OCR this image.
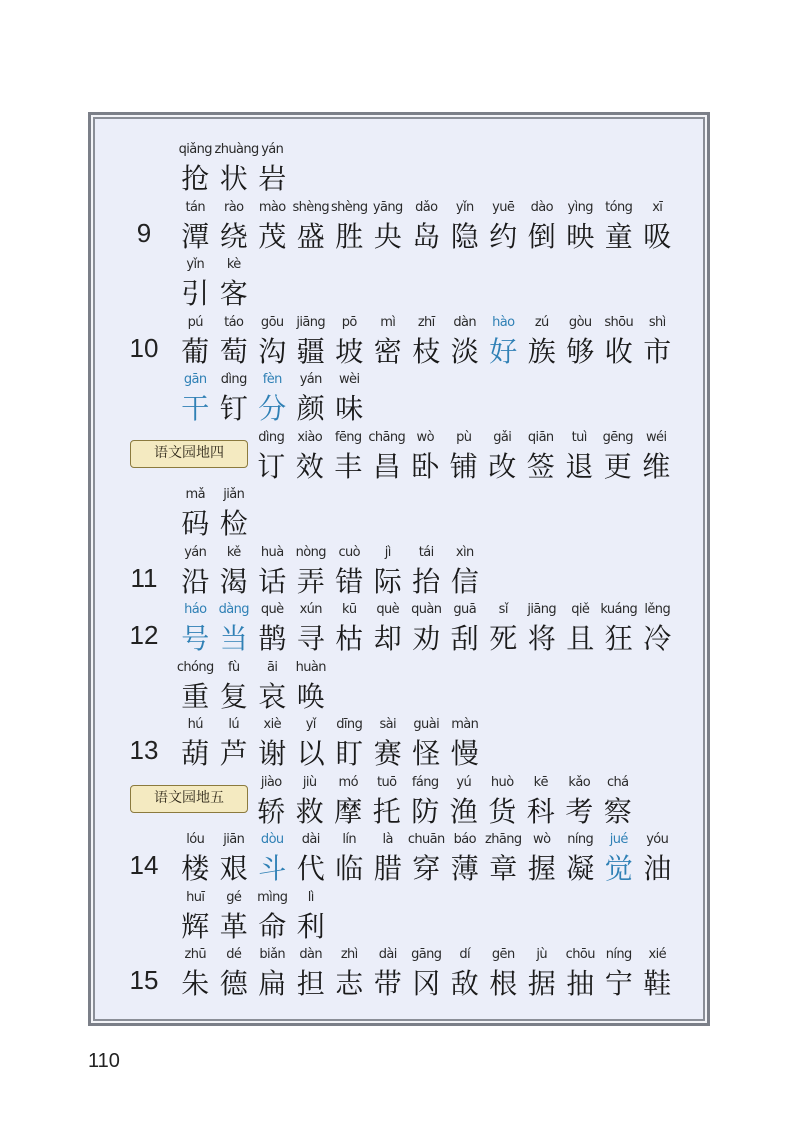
qiǎng
抢
zhuàng
状
yán
岩
9
tán
潭
rào
绕
mào
茂
shèng
盛
shèng
胜
yāng
央
dǎo
岛
yǐn
隐
yuē
约
dào
倒
yìng
映
tóng
童
xī
吸
yǐn
引
kè
客
10
pú
葡
táo
萄
gōu
沟
jiāng
疆
pō
坡
mì
密
zhī
枝
dàn
淡
hào
好
zú
族
gòu
够
shōu
收
shì
市
gān
干
dìng
钉
fèn
分
yán
颜
wèi
味
语文园地四
dìng
订
xiào
效
fēng
丰
chāng
昌
wò
卧
pù
铺
gǎi
改
qiān
签
tuì
退
gēng
更
wéi
维
mǎ
码
jiǎn
检
11
yán
沿
kě
渴
huà
话
nòng
弄
cuò
错
jì
际
tái
抬
xìn
信
12
háo
号
dàng
当
què
鹊
xún
寻
kū
枯
què
却
quàn
劝
guā
刮
sǐ
死
jiāng
将
qiě
且
kuáng
狂
lěng
冷
chóng
重
fù
复
āi
哀
huàn
唤
13
hú
葫
lú
芦
xiè
谢
yǐ
以
dīng
盯
sài
赛
guài
怪
màn
慢
语文园地五
jiào
轿
jiù
救
mó
摩
tuō
托
fáng
防
yú
渔
huò
货
kē
科
kǎo
考
chá
察
14
lóu
楼
jiān
艰
dòu
斗
dài
代
lín
临
là
腊
chuān
穿
báo
薄
zhāng
章
wò
握
níng
凝
jué
觉
yóu
油
huī
辉
gé
革
mìng
命
lì
利
15
zhū
朱
dé
德
biǎn
扁
dàn
担
zhì
志
dài
带
gāng
冈
dí
敌
gēn
根
jù
据
chōu
抽
níng
宁
xié
鞋
110
